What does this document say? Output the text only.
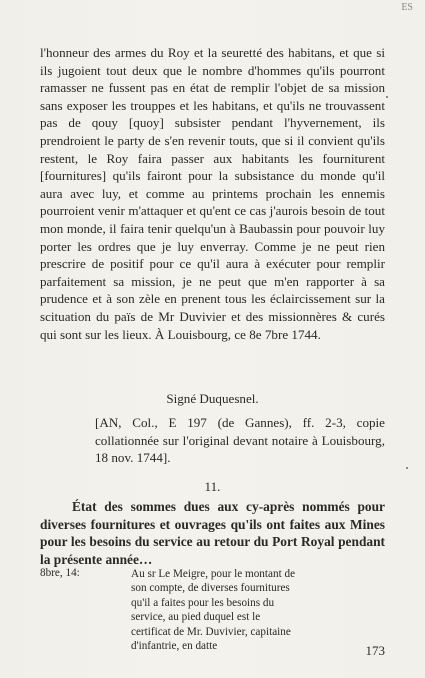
ES

l'honneur des armes du Roy et la seuretté des habitans, et que si ils jugoient tout deux que le nombre d'hommes qu'ils pourront ramasser ne fussent pas en état de remplir l'objet de sa mission sans exposer les trouppes et les habitans, et qu'ils ne trouvassent pas de qouy [quoy] subsister pendant l'hyvernement, ils prendroient le party de s'en revenir touts, que si il convient qu'ils restent, le Roy faira passer aux habitants les fourniturent [fournitures] qu'ils fairont pour la subsistance du monde qu'il aura avec luy, et comme au printems prochain les ennemis pourroient venir m'attaquer et qu'ent ce cas j'aurois besoin de tout mon monde, il faira tenir quelqu'un à Baubassin pour pouvoir luy porter les ordres que je luy enverray. Comme je ne peut rien prescrire de positif pour ce qu'il aura à exécuter pour remplir parfaitement sa mission, je ne peut que m'en rapporter à sa prudence et à son zèle en prenent tous les éclaircissement sur la scituation du païs de Mr Duvivier et des missionnères & curés qui sont sur les lieux. À Louisbourg, ce 8e 7bre 1744.

Signé Duquesnel.

[AN, Col., E 197 (de Gannes), ff. 2-3, copie collationnée sur l'original devant notaire à Louisbourg, 18 nov. 1744].

11.

État des sommes dues aux cy-après nommés pour diverses fournitures et ouvrages qu'ils ont faites aux Mines pour les besoins du service au retour du Port Royal pendant la présente année…

8bre, 14:	Au sr Le Meigre, pour le montant de son compte, de diverses fournitures qu'il a faites pour les besoins du service, au pied duquel est le certificat de Mr. Duvivier, capitaine d'infantrie, en datte	173
